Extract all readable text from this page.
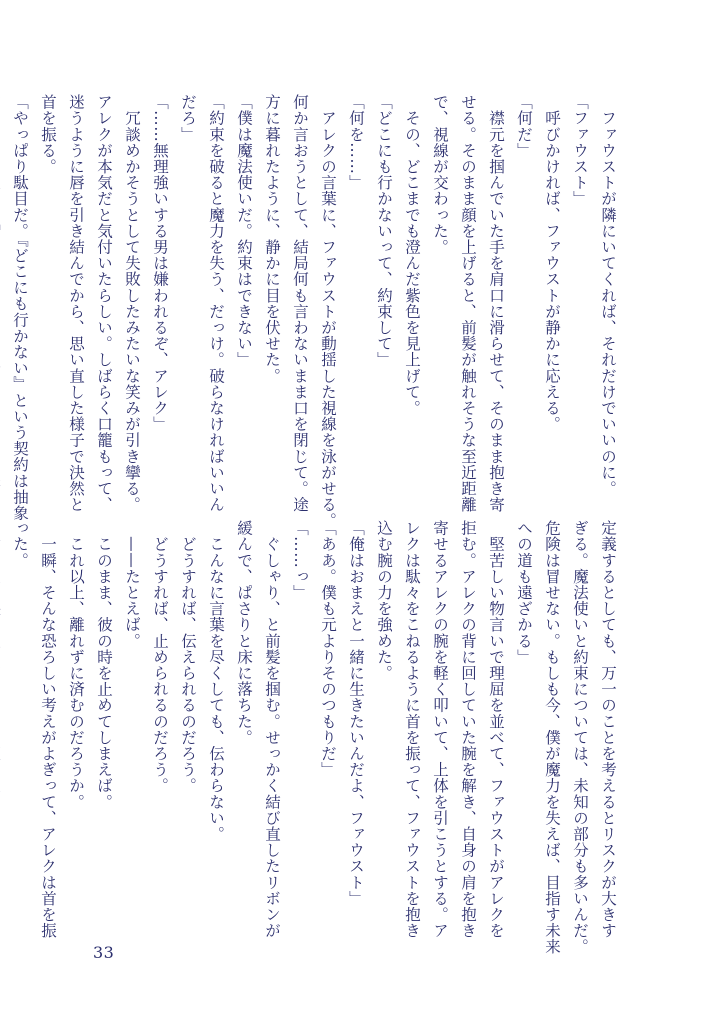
　ファウストが隣にいてくれば、それだけでいいのに。

「ファウスト」

　呼びかければ、ファウストが静かに応える。

「何だ」

　襟元を掴んでいた手を肩口に滑らせて、そのまま抱き寄

せる。そのまま顔を上げると、前髪が触れそうな至近距離

で、視線が交わった。

　その、どこまでも澄んだ紫色を見上げて。

「どこにも行かないって、約束して」

「何を……」

　アレクの言葉に、ファウストが動揺した視線を泳がせる。

何か言おうとして、結局何も言わないまま口を閉じて。途

方に暮れたように、静かに目を伏せた。

「僕は魔法使いだ。約束はできない」

「約束を破ると魔力を失う、だっけ。破らなければいいん

だろ」

「……無理強いする男は嫌われるぞ、アレク」

　冗談めかそうとして失敗したみたいな笑みが引き攣る。

アレクが本気だと気付いたらしい。しばらく口籠もって、

迷うように唇を引き結んでから、思い直した様子で決然と

首を振る。

「やっぱり駄目だ。『どこにも行かない』という契約は抽象

定義するとしても、万一のことを考えるとリスクが大きす

ぎる。魔法使いと約束については、未知の部分も多いんだ。

危険は冒せない。もしも今、僕が魔力を失えば、目指す未来

への道も遠ざかる」

　堅苦しい物言いで理屈を並べて、ファウストがアレクを

拒む。アレクの背に回していた腕を解き、自身の肩を抱き

寄せるアレクの腕を軽く叩いて、上体を引こうとする。ア

レクは駄々をこねるように首を振って、ファウストを抱き

込む腕の力を強めた。

「俺はおまえと一緒に生きたいんだよ、ファウスト」

「ああ。僕も元よりそのつもりだ」

「……っ」

　ぐしゃり、と前髪を掴む。せっかく結び直したリボンが

緩んで、ぱさりと床に落ちた。

　こんなに言葉を尽くしても、伝わらない。

　どうすれば、伝えられるのだろう。

　どうすれば、止められるのだろう。

　——たとえば。

　このまま、彼の時を止めてしまえば。

　これ以上、離れずに済むのだろうか。

　一瞬、そんな恐ろしい考えがよぎって、アレクは首を振

った。

33
